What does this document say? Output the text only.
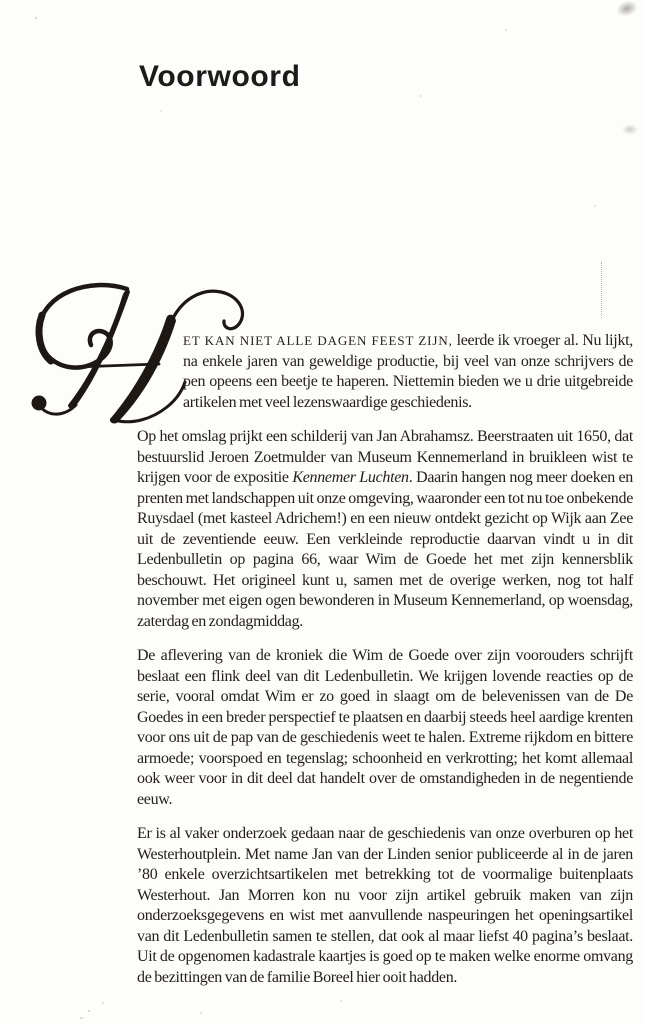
Voorwoord

ET KAN NIET ALLE DAGEN FEEST ZIJN, leerde ik vroeger al. Nu lijkt, na enkele jaren van geweldige productie, bij veel van onze schrijvers de pen opeens een beetje te haperen. Niettemin bieden we u drie uitgebreide artikelen met veel lezenswaardige geschiedenis.

Op het omslag prijkt een schilderij van Jan Abrahamsz. Beerstraaten uit 1650, dat bestuurslid Jeroen Zoetmulder van Museum Kennemerland in bruikleen wist te krijgen voor de expositie Kennemer Luchten. Daarin hangen nog meer doeken en prenten met landschappen uit onze omgeving, waaronder een tot nu toe onbekende Ruysdael (met kasteel Adrichem!) en een nieuw ontdekt gezicht op Wijk aan Zee uit de zeventiende eeuw. Een verkleinde reproductie daarvan vindt u in dit Ledenbulletin op pagina 66, waar Wim de Goede het met zijn kennersblik beschouwt. Het origineel kunt u, samen met de overige werken, nog tot half november met eigen ogen bewonderen in Museum Kennemerland, op woensdag, zaterdag en zondagmiddag.

De aflevering van de kroniek die Wim de Goede over zijn voorouders schrijft beslaat een flink deel van dit Ledenbulletin. We krijgen lovende reacties op de serie, vooral omdat Wim er zo goed in slaagt om de belevenissen van de De Goedes in een breder perspectief te plaatsen en daarbij steeds heel aardige krenten voor ons uit de pap van de geschiedenis weet te halen. Extreme rijkdom en bittere armoede; voorspoed en tegenslag; schoonheid en verkrotting; het komt allemaal ook weer voor in dit deel dat handelt over de omstandigheden in de negentiende eeuw.

Er is al vaker onderzoek gedaan naar de geschiedenis van onze overburen op het Westerhoutplein. Met name Jan van der Linden senior publiceerde al in de jaren ’80 enkele overzichtsartikelen met betrekking tot de voormalige buitenplaats Westerhout. Jan Morren kon nu voor zijn artikel gebruik maken van zijn onderzoeksgegevens en wist met aanvullende naspeuringen het openingsartikel van dit Ledenbulletin samen te stellen, dat ook al maar liefst 40 pagina’s beslaat. Uit de opgenomen kadastrale kaartjes is goed op te maken welke enorme omvang de bezittingen van de familie Boreel hier ooit hadden.
